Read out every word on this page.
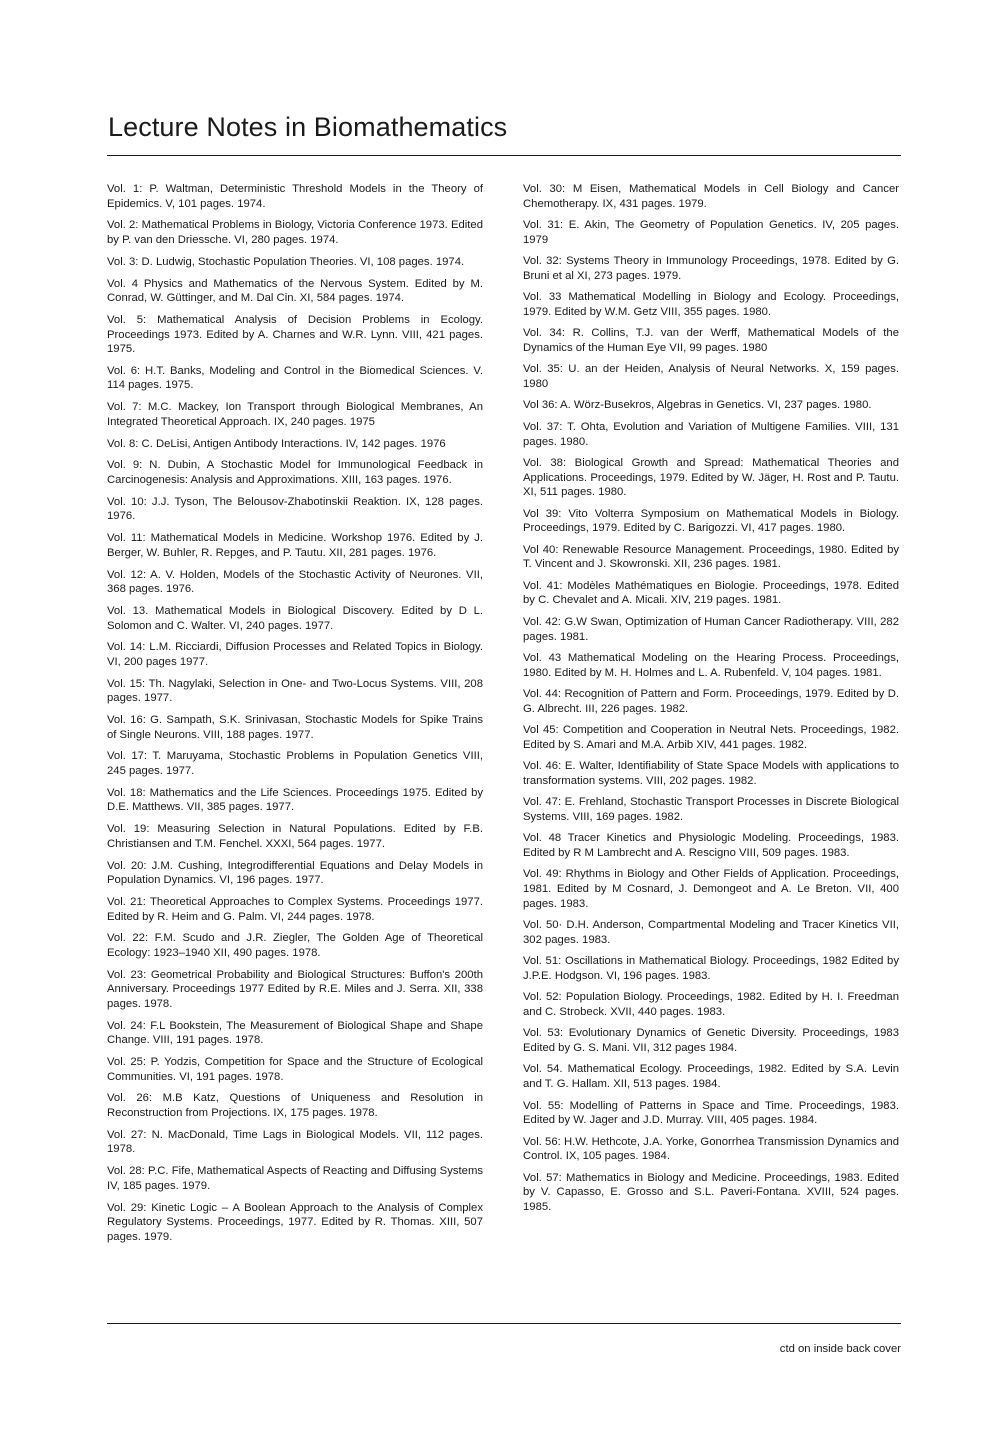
Lecture Notes in Biomathematics

Vol. 1: P. Waltman, Deterministic Threshold Models in the Theory of Epidemics. V, 101 pages. 1974.

Vol. 2: Mathematical Problems in Biology, Victoria Conference 1973. Edited by P. van den Driessche. VI, 280 pages. 1974.

Vol. 3: D. Ludwig, Stochastic Population Theories. VI, 108 pages. 1974.

Vol. 4 Physics and Mathematics of the Nervous System. Edited by M. Conrad, W. Güttinger, and M. Dal Cin. XI, 584 pages. 1974.

Vol. 5: Mathematical Analysis of Decision Problems in Ecology. Proceedings 1973. Edited by A. Charnes and W.R. Lynn. VIII, 421 pages. 1975.

Vol. 6: H.T. Banks, Modeling and Control in the Biomedical Sciences. V. 114 pages. 1975.

Vol. 7: M.C. Mackey, Ion Transport through Biological Membranes, An Integrated Theoretical Approach. IX, 240 pages. 1975

Vol. 8: C. DeLisi, Antigen Antibody Interactions. IV, 142 pages. 1976

Vol. 9: N. Dubin, A Stochastic Model for Immunological Feedback in Carcinogenesis: Analysis and Approximations. XIII, 163 pages. 1976.

Vol. 10: J.J. Tyson, The Belousov-Zhabotinskii Reaktion. IX, 128 pages. 1976.

Vol. 11: Mathematical Models in Medicine. Workshop 1976. Edited by J. Berger, W. Buhler, R. Repges, and P. Tautu. XII, 281 pages. 1976.

Vol. 12: A. V. Holden, Models of the Stochastic Activity of Neurones. VII, 368 pages. 1976.

Vol. 13. Mathematical Models in Biological Discovery. Edited by D L. Solomon and C. Walter. VI, 240 pages. 1977.

Vol. 14: L.M. Ricciardi, Diffusion Processes and Related Topics in Biology. VI, 200 pages 1977.

Vol. 15: Th. Nagylaki, Selection in One- and Two-Locus Systems. VIII, 208 pages. 1977.

Vol. 16: G. Sampath, S.K. Srinivasan, Stochastic Models for Spike Trains of Single Neurons. VIII, 188 pages. 1977.

Vol. 17: T. Maruyama, Stochastic Problems in Population Genetics VIII, 245 pages. 1977.

Vol. 18: Mathematics and the Life Sciences. Proceedings 1975. Edited by D.E. Matthews. VII, 385 pages. 1977.

Vol. 19: Measuring Selection in Natural Populations. Edited by F.B. Christiansen and T.M. Fenchel. XXXI, 564 pages. 1977.

Vol. 20: J.M. Cushing, Integrodifferential Equations and Delay Models in Population Dynamics. VI, 196 pages. 1977.

Vol. 21: Theoretical Approaches to Complex Systems. Proceedings 1977. Edited by R. Heim and G. Palm. VI, 244 pages. 1978.

Vol. 22: F.M. Scudo and J.R. Ziegler, The Golden Age of Theoretical Ecology: 1923–1940 XII, 490 pages. 1978.

Vol. 23: Geometrical Probability and Biological Structures: Buffon's 200th Anniversary. Proceedings 1977 Edited by R.E. Miles and J. Serra. XII, 338 pages. 1978.

Vol. 24: F.L Bookstein, The Measurement of Biological Shape and Shape Change. VIII, 191 pages. 1978.

Vol. 25: P. Yodzis, Competition for Space and the Structure of Ecological Communities. VI, 191 pages. 1978.

Vol. 26: M.B Katz, Questions of Uniqueness and Resolution in Reconstruction from Projections. IX, 175 pages. 1978.

Vol. 27: N. MacDonald, Time Lags in Biological Models. VII, 112 pages. 1978.

Vol. 28: P.C. Fife, Mathematical Aspects of Reacting and Diffusing Systems IV, 185 pages. 1979.

Vol. 29: Kinetic Logic – A Boolean Approach to the Analysis of Complex Regulatory Systems. Proceedings, 1977. Edited by R. Thomas. XIII, 507 pages. 1979.

Vol. 30: M Eisen, Mathematical Models in Cell Biology and Cancer Chemotherapy. IX, 431 pages. 1979.

Vol. 31: E. Akin, The Geometry of Population Genetics. IV, 205 pages. 1979

Vol. 32: Systems Theory in Immunology Proceedings, 1978. Edited by G. Bruni et al XI, 273 pages. 1979.

Vol. 33 Mathematical Modelling in Biology and Ecology. Proceedings, 1979. Edited by W.M. Getz VIII, 355 pages. 1980.

Vol. 34: R. Collins, T.J. van der Werff, Mathematical Models of the Dynamics of the Human Eye VII, 99 pages. 1980

Vol. 35: U. an der Heiden, Analysis of Neural Networks. X, 159 pages. 1980

Vol 36: A. Wörz-Busekros, Algebras in Genetics. VI, 237 pages. 1980.

Vol. 37: T. Ohta, Evolution and Variation of Multigene Families. VIII, 131 pages. 1980.

Vol. 38: Biological Growth and Spread: Mathematical Theories and Applications. Proceedings, 1979. Edited by W. Jäger, H. Rost and P. Tautu. XI, 511 pages. 1980.

Vol 39: Vito Volterra Symposium on Mathematical Models in Biology. Proceedings, 1979. Edited by C. Barigozzi. VI, 417 pages. 1980.

Vol 40: Renewable Resource Management. Proceedings, 1980. Edited by T. Vincent and J. Skowronski. XII, 236 pages. 1981.

Vol. 41: Modèles Mathématiques en Biologie. Proceedings, 1978. Edited by C. Chevalet and A. Micali. XIV, 219 pages. 1981.

Vol. 42: G.W Swan, Optimization of Human Cancer Radiotherapy. VIII, 282 pages. 1981.

Vol. 43 Mathematical Modeling on the Hearing Process. Proceedings, 1980. Edited by M. H. Holmes and L. A. Rubenfeld. V, 104 pages. 1981.

Vol. 44: Recognition of Pattern and Form. Proceedings, 1979. Edited by D. G. Albrecht. III, 226 pages. 1982.

Vol 45: Competition and Cooperation in Neutral Nets. Proceedings, 1982. Edited by S. Amari and M.A. Arbib XIV, 441 pages. 1982.

Vol. 46: E. Walter, Identifiability of State Space Models with applications to transformation systems. VIII, 202 pages. 1982.

Vol. 47: E. Frehland, Stochastic Transport Processes in Discrete Biological Systems. VIII, 169 pages. 1982.

Vol. 48 Tracer Kinetics and Physiologic Modeling. Proceedings, 1983. Edited by R M Lambrecht and A. Rescigno VIII, 509 pages. 1983.

Vol. 49: Rhythms in Biology and Other Fields of Application. Proceedings, 1981. Edited by M Cosnard, J. Demongeot and A. Le Breton. VII, 400 pages. 1983.

Vol. 50· D.H. Anderson, Compartmental Modeling and Tracer Kinetics VII, 302 pages. 1983.

Vol. 51: Oscillations in Mathematical Biology. Proceedings, 1982 Edited by J.P.E. Hodgson. VI, 196 pages. 1983.

Vol. 52: Population Biology. Proceedings, 1982. Edited by H. I. Freedman and C. Strobeck. XVII, 440 pages. 1983.

Vol. 53: Evolutionary Dynamics of Genetic Diversity. Proceedings, 1983 Edited by G. S. Mani. VII, 312 pages 1984.

Vol. 54. Mathematical Ecology. Proceedings, 1982. Edited by S.A. Levin and T. G. Hallam. XII, 513 pages. 1984.

Vol. 55: Modelling of Patterns in Space and Time. Proceedings, 1983. Edited by W. Jager and J.D. Murray. VIII, 405 pages. 1984.

Vol. 56: H.W. Hethcote, J.A. Yorke, Gonorrhea Transmission Dynamics and Control. IX, 105 pages. 1984.

Vol. 57: Mathematics in Biology and Medicine. Proceedings, 1983. Edited by V. Capasso, E. Grosso and S.L. Paveri-Fontana. XVIII, 524 pages. 1985.

ctd on inside back cover
